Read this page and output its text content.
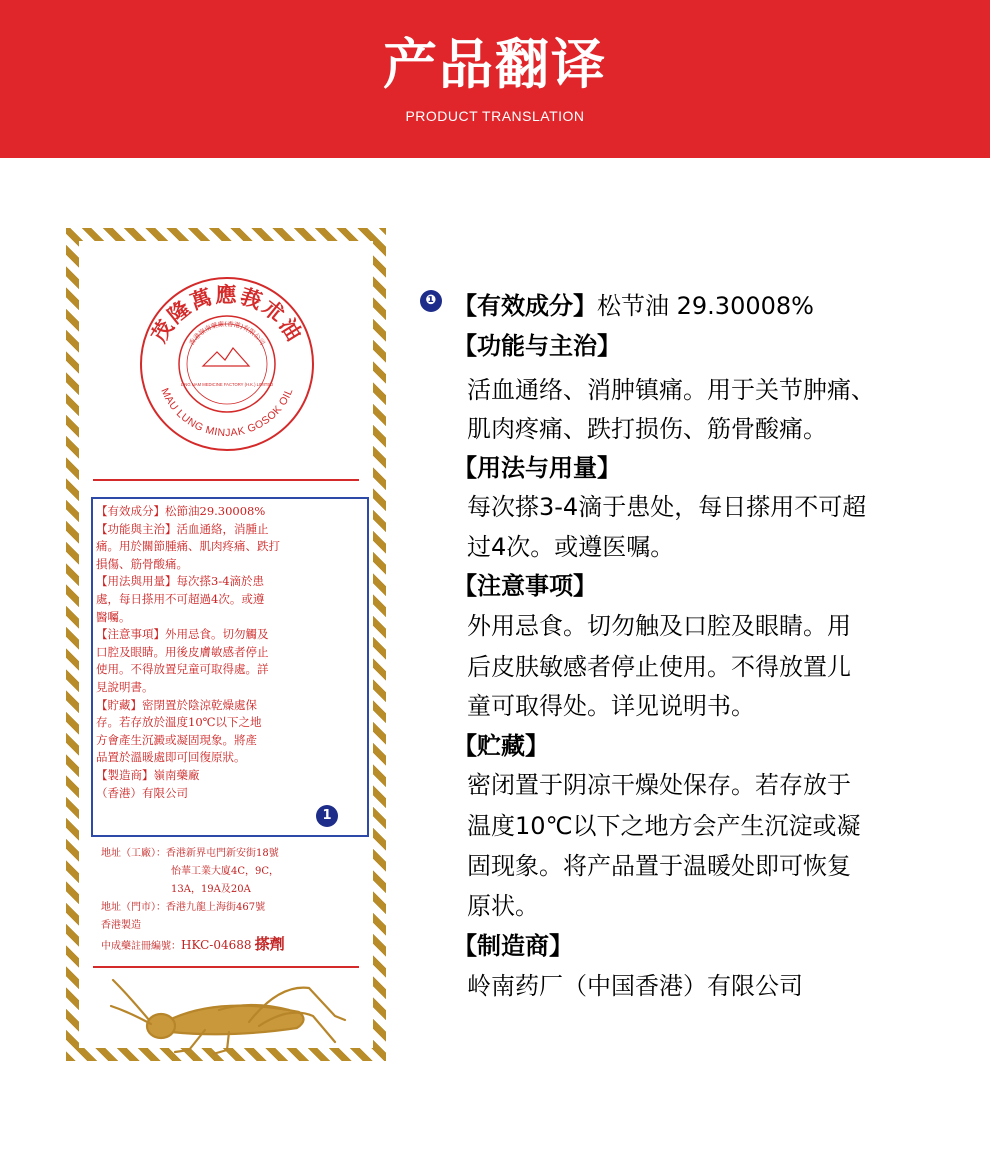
产品翻译
PRODUCT TRANSLATION
茂隆萬應莪朮油
MAU LUNG MINJAK GOSOK OIL
香港嶺南藥廠(香港)有限公司
LING NAM MEDICINE FACTORY (H.K.) LIMITED
【有效成分】松節油29.30008%
【功能與主治】活血通絡，消腫止
痛。用於關節腫痛、肌肉疼痛、跌打
損傷、筋骨酸痛。
【用法與用量】每次搽3-4滴於患
處，每日搽用不可超過4次。或遵
醫囑。
【注意事項】外用忌食。切勿觸及
口腔及眼睛。用後皮膚敏感者停止
使用。不得放置兒童可取得處。詳
見說明書。
【貯藏】密閉置於陰涼乾燥處保
存。若存放於溫度10℃以下之地
方會產生沉澱或凝固現象。將產
品置於溫暖處即可回復原狀。
【製造商】嶺南藥廠
（香港）有限公司
1
地址（工廠）：香港新界屯門新安街18號
　　　　　　　怡華工業大廈4C，9C，
　　　　　　　13A，19A及20A
地址（門市）：香港九龍上海街467號
香港製造
中成藥註冊編號：HKC-04688 搽劑
❶ 【有效成分】松节油 29.30008%
【功能与主治】
活血通络、消肿镇痛。用于关节肿痛、
肌肉疼痛、跌打损伤、筋骨酸痛。
【用法与用量】
每次搽3-4滴于患处，每日搽用不可超
过4次。或遵医嘱。
【注意事项】
外用忌食。切勿触及口腔及眼睛。用
后皮肤敏感者停止使用。不得放置儿
童可取得处。详见说明书。
【贮藏】
密闭置于阴凉干燥处保存。若存放于
温度10℃以下之地方会产生沉淀或凝
固现象。将产品置于温暖处即可恢复
原状。
【制造商】
岭南药厂（中国香港）有限公司
